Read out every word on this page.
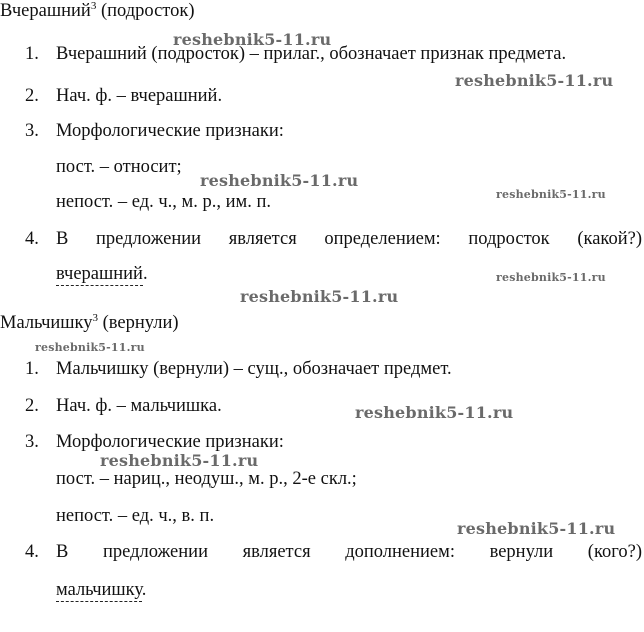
Вчерашний$^3$ (подросток)
1. Вчерашний (подросток) – прилаг., обозначает признак предмета.
2. Нач. ф. – вчерашний.
3. Морфологические признаки:
пост. – относит;
непост. – ед. ч., м. р., им. п.
4. В предложении является определением: подросток (какой?)
вчерашний.
Мальчишку$^3$ (вернули)
1. Мальчишку (вернули) – сущ., обозначает предмет.
2. Нач. ф. – мальчишка.
3. Морфологические признаки:
пост. – нариц., неодуш., м. р., 2-е скл.;
непост. – ед. ч., в. п.
4. В предложении является дополнением: вернули (кого?)
мальчишку.
reshebnik5-11.ru
reshebnik5-11.ru
reshebnik5-11.ru
reshebnik5-11.ru
reshebnik5-11.ru
reshebnik5-11.ru
reshebnik5-11.ru
reshebnik5-11.ru
reshebnik5-11.ru
reshebnik5-11.ru
